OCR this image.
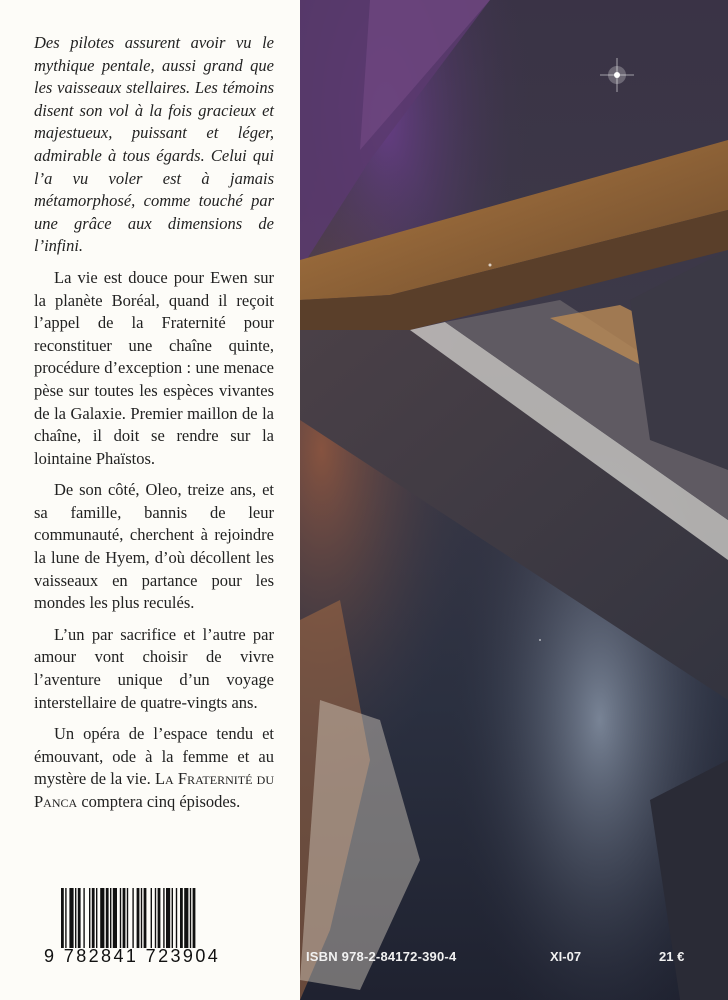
Des pilotes assurent avoir vu le mythique pentale, aussi grand que les vaisseaux stellaires. Les témoins disent son vol à la fois gracieux et majestueux, puissant et léger, admirable à tous égards. Celui qui l’a vu voler est à jamais métamorphosé, comme touché par une grâce aux dimensions de l’infini.

La vie est douce pour Ewen sur la planète Boréal, quand il reçoit l’appel de la Fraternité pour reconstituer une chaîne quinte, procédure d’exception : une menace pèse sur toutes les espèces vivantes de la Galaxie. Premier maillon de la chaîne, il doit se rendre sur la lointaine Phaïstos.

De son côté, Oleo, treize ans, et sa famille, bannis de leur communauté, cherchent à rejoindre la lune de Hyem, d’où décollent les vaisseaux en partance pour les mondes les plus reculés.

L’un par sacrifice et l’autre par amour vont choisir de vivre l’aventure unique d’un voyage interstellaire de quatre-vingts ans.

Un opéra de l’espace tendu et émouvant, ode à la femme et au mystère de la vie. La Fraternité du Panca comptera cinq épisodes.

9 782841 723904	ISBN 978-2-84172-390-4	XI-07	21 €
